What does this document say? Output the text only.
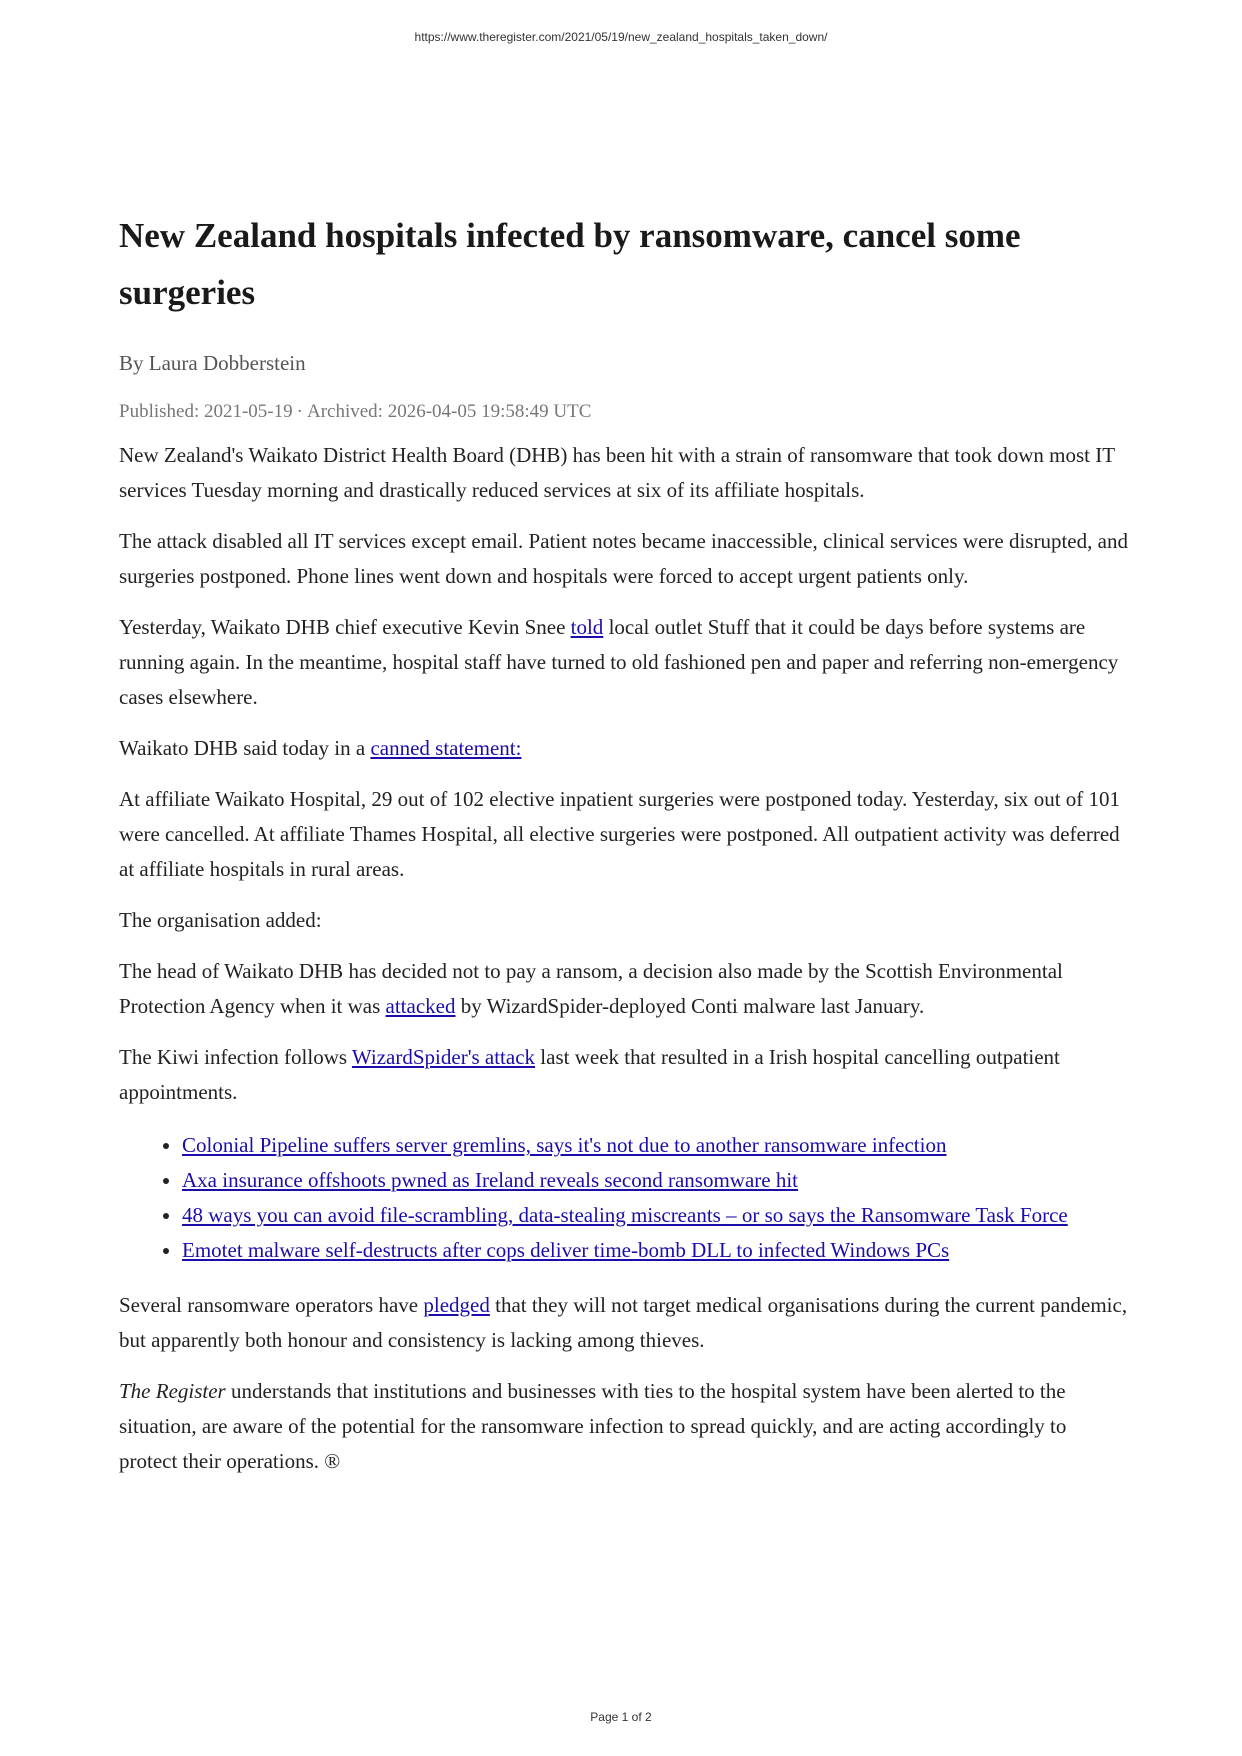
https://www.theregister.com/2021/05/19/new_zealand_hospitals_taken_down/
New Zealand hospitals infected by ransomware, cancel some surgeries
By Laura Dobberstein
Published: 2021-05-19 · Archived: 2026-04-05 19:58:49 UTC

New Zealand's Waikato District Health Board (DHB) has been hit with a strain of ransomware that took down most IT services Tuesday morning and drastically reduced services at six of its affiliate hospitals.

The attack disabled all IT services except email. Patient notes became inaccessible, clinical services were disrupted, and surgeries postponed. Phone lines went down and hospitals were forced to accept urgent patients only.

Yesterday, Waikato DHB chief executive Kevin Snee told local outlet Stuff that it could be days before systems are running again. In the meantime, hospital staff have turned to old fashioned pen and paper and referring non-emergency cases elsewhere.

Waikato DHB said today in a canned statement:

At affiliate Waikato Hospital, 29 out of 102 elective inpatient surgeries were postponed today. Yesterday, six out of 101 were cancelled. At affiliate Thames Hospital, all elective surgeries were postponed. All outpatient activity was deferred at affiliate hospitals in rural areas.

The organisation added:

The head of Waikato DHB has decided not to pay a ransom, a decision also made by the Scottish Environmental Protection Agency when it was attacked by WizardSpider-deployed Conti malware last January.

The Kiwi infection follows WizardSpider's attack last week that resulted in a Irish hospital cancelling outpatient appointments.

• Colonial Pipeline suffers server gremlins, says it's not due to another ransomware infection
• Axa insurance offshoots pwned as Ireland reveals second ransomware hit
• 48 ways you can avoid file-scrambling, data-stealing miscreants – or so says the Ransomware Task Force
• Emotet malware self-destructs after cops deliver time-bomb DLL to infected Windows PCs

Several ransomware operators have pledged that they will not target medical organisations during the current pandemic, but apparently both honour and consistency is lacking among thieves.

The Register understands that institutions and businesses with ties to the hospital system have been alerted to the situation, are aware of the potential for the ransomware infection to spread quickly, and are acting accordingly to protect their operations. ®

Page 1 of 2
